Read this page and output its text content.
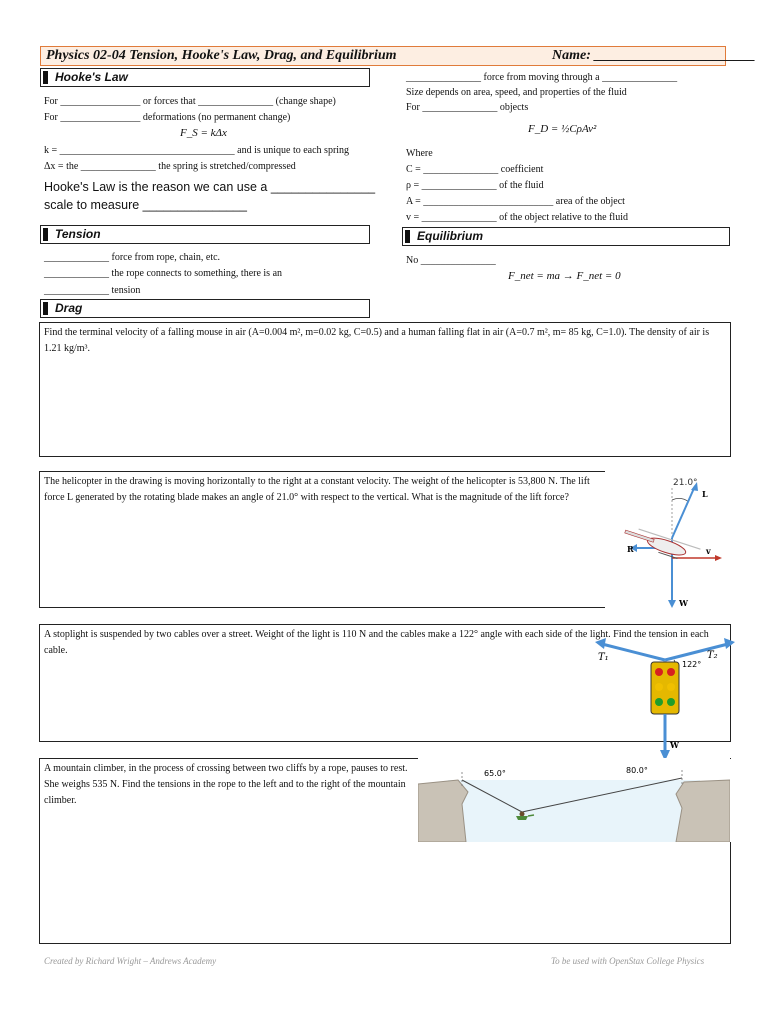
Physics 02-04 Tension, Hooke's Law, Drag, and Equilibrium	Name: _______________________
Hooke's Law
For ________________ or forces that _______________ (change shape)
For ________________ deformations (no permanent change)
F_S = kΔx
k = ___________________________________ and is unique to each spring
Δx = the _______________ the spring is stretched/compressed
Hooke's Law is the reason we can use a _______________
scale to measure _______________
Tension
_____________ force from rope, chain, etc.
_____________ the rope connects to something, there is an
_____________ tension
Drag
_______________ force from moving through a _______________
Size depends on area, speed, and properties of the fluid
For _______________ objects
F_D = ½CρAv²
Where
C = _______________ coefficient
ρ = _______________ of the fluid
A = __________________________ area of the object
v = _______________ of the object relative to the fluid
Equilibrium
No _______________
F_net = ma → F_net = 0
Find the terminal velocity of a falling mouse in air (A=0.004 m², m=0.02 kg, C=0.5) and a human falling flat in air (A=0.7 m², m= 85 kg, C=1.0). The density of air is 1.21 kg/m³.
The helicopter in the drawing is moving horizontally to the right at a constant velocity. The weight of the helicopter is 53,800 N. The lift force L generated by the rotating blade makes an angle of 21.0° with respect to the vertical. What is the magnitude of the lift force?
21.0°
L
R	v
W
A stoplight is suspended by two cables over a street. Weight of the light is 110 N and the cables make a 122° angle with each side of the light. Find the tension in each cable.
T₁	T₂
122°
W
A mountain climber, in the process of crossing between two cliffs by a rope, pauses to rest. She weighs 535 N. Find the tensions in the rope to the left and to the right of the mountain climber.
65.0°	80.0°
Created by Richard Wright – Andrews Academy	To be used with OpenStax College Physics
